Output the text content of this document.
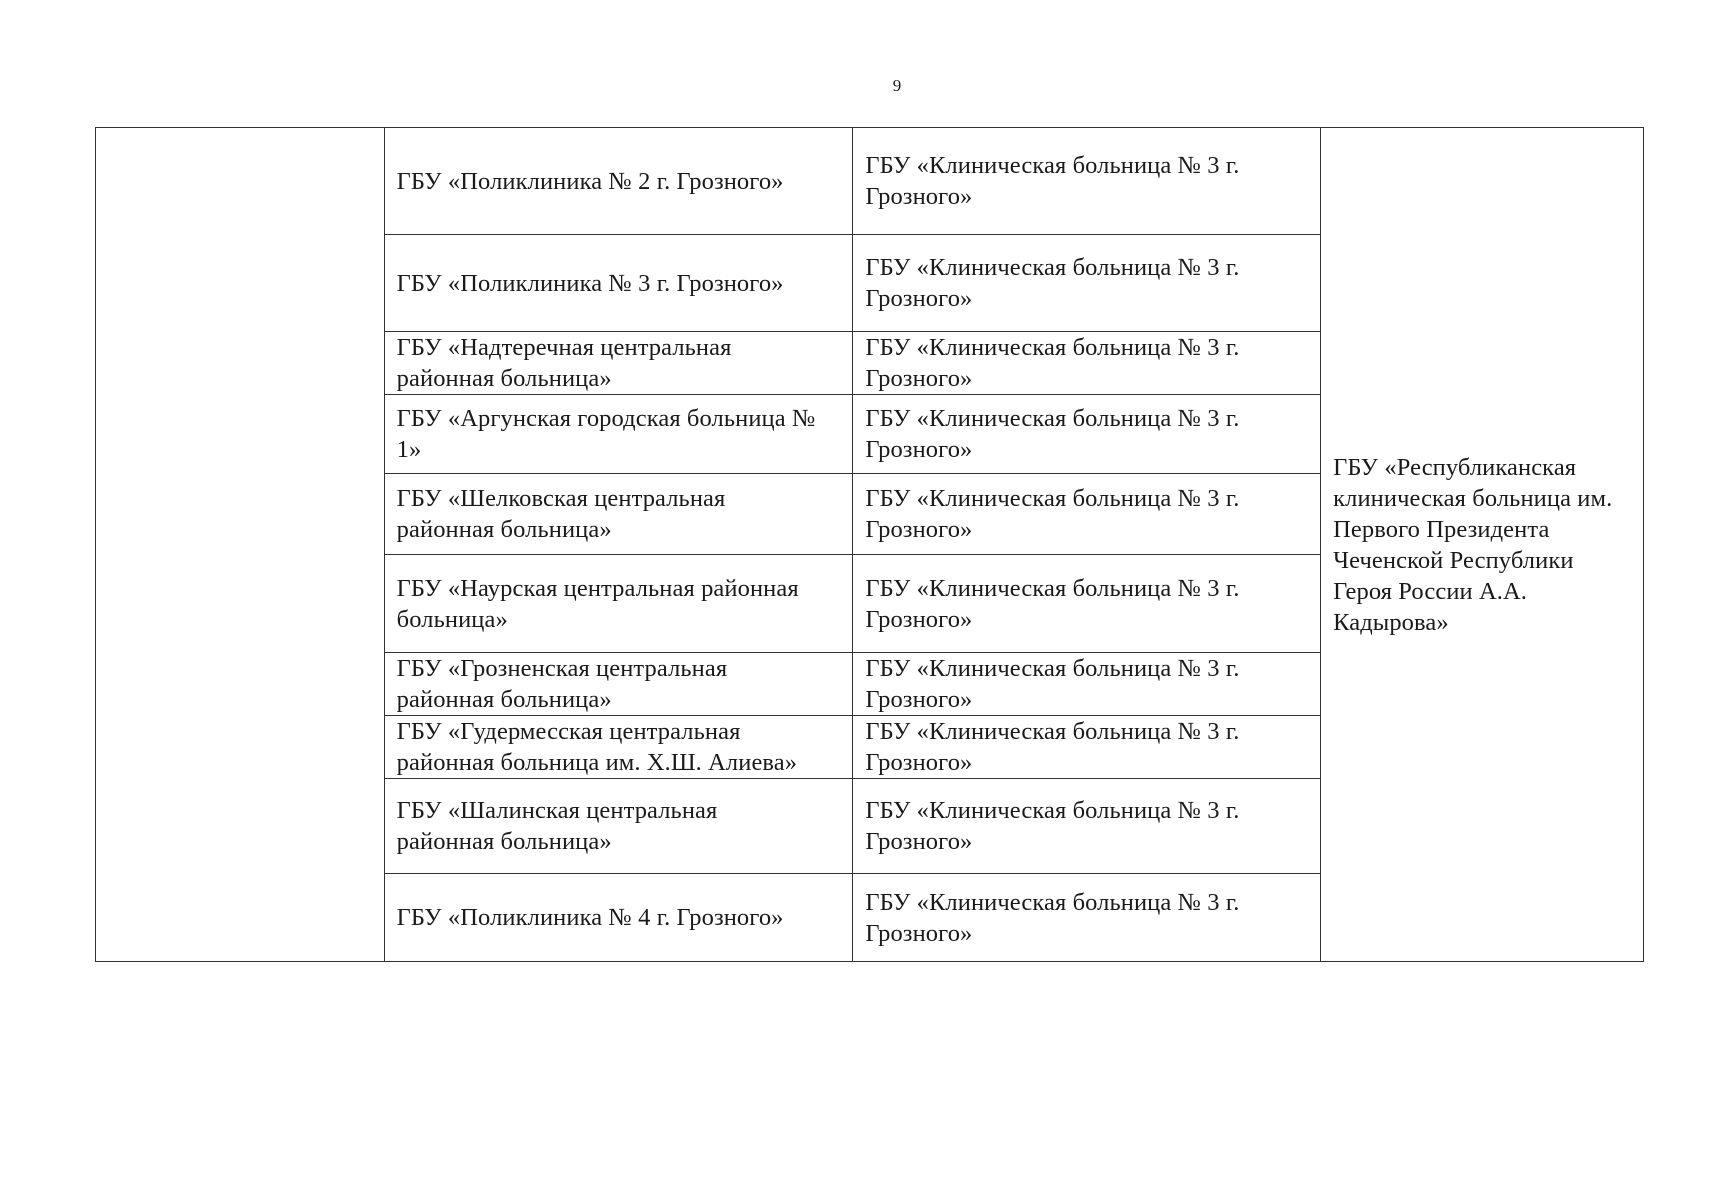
9

	ГБУ «Поликлиника № 2 г. Грозного»	ГБУ «Клиническая больница № 3 г. Грозного»	ГБУ «Республиканская клиническая больница им. Первого Президента Чеченской Республики Героя России А.А. Кадырова»

	ГБУ «Поликлиника № 3 г. Грозного»	ГБУ «Клиническая больница № 3 г. Грозного»	

	ГБУ «Надтеречная центральная районная больница»	ГБУ «Клиническая больница № 3 г. Грозного»	

	ГБУ «Аргунская городская больница № 1»	ГБУ «Клиническая больница № 3 г. Грозного»	

	ГБУ «Шелковская центральная районная больница»	ГБУ «Клиническая больница № 3 г. Грозного»	

	ГБУ «Наурская центральная районная больница»	ГБУ «Клиническая больница № 3 г. Грозного»	

	ГБУ «Грозненская центральная районная больница»	ГБУ «Клиническая больница № 3 г. Грозного»	

	ГБУ «Гудермесская центральная районная больница им. Х.Ш. Алиева»	ГБУ «Клиническая больница № 3 г. Грозного»	

	ГБУ «Шалинская центральная районная больница»	ГБУ «Клиническая больница № 3 г. Грозного»	

	ГБУ «Поликлиника № 4 г. Грозного»	ГБУ «Клиническая больница № 3 г. Грозного»	
